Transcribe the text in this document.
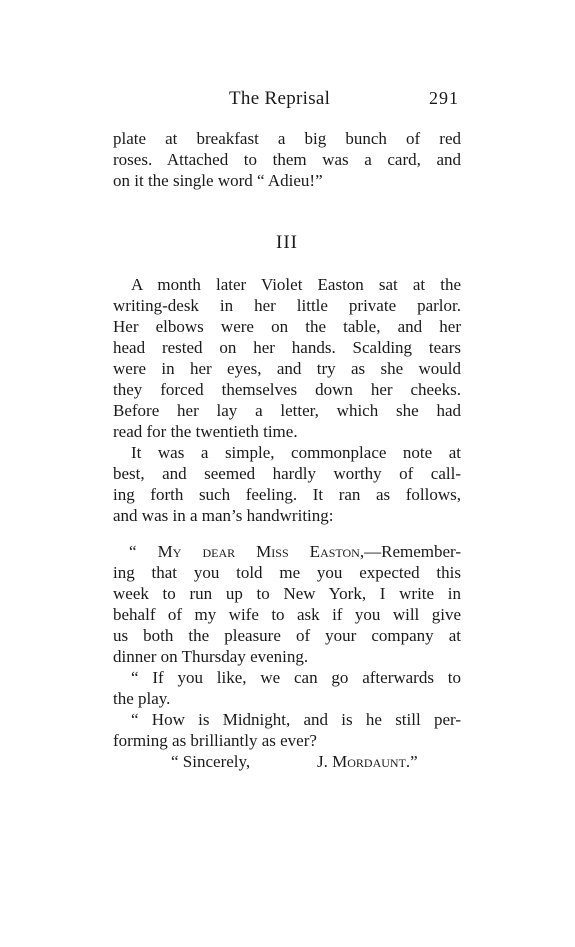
The Reprisal	291
plate at breakfast a big bunch of red
roses. Attached to them was a card, and
on it the single word “ Adieu!”
III
A month later Violet Easton sat at the
writing-desk in her little private parlor.
Her elbows were on the table, and her
head rested on her hands. Scalding tears
were in her eyes, and try as she would
they forced themselves down her cheeks.
Before her lay a letter, which she had
read for the twentieth time.
It was a simple, commonplace note at
best, and seemed hardly worthy of call-
ing forth such feeling. It ran as follows,
and was in a man’s handwriting:
“ My dear Miss Easton,—Remember-
ing that you told me you expected this
week to run up to New York, I write in
behalf of my wife to ask if you will give
us both the pleasure of your company at
dinner on Thursday evening.
“ If you like, we can go afterwards to
the play.
“ How is Midnight, and is he still per-
forming as brilliantly as ever?
“ Sincerely,	J. Mordaunt.”
